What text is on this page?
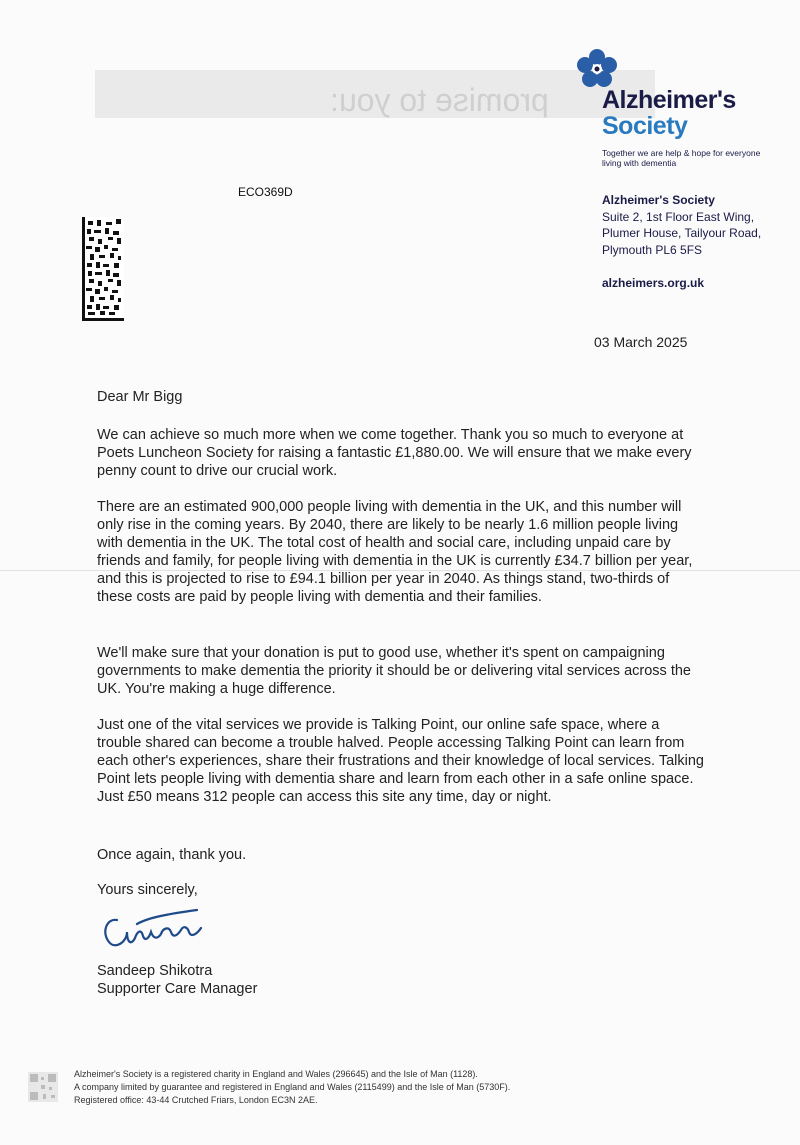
promise to you: Alzheimer's
Society
Together we are help & hope for everyone living with dementia
ECO369D
Alzheimer's Society
Suite 2, 1st Floor East Wing,
Plumer House, Tailyour Road,
Plymouth PL6 5FS
alzheimers.org.uk
03 March 2025
Dear Mr Bigg
We can achieve so much more when we come together. Thank you so much to everyone at Poets Luncheon Society for raising a fantastic £1,880.00. We will ensure that we make every penny count to drive our crucial work.
There are an estimated 900,000 people living with dementia in the UK, and this number will only rise in the coming years. By 2040, there are likely to be nearly 1.6 million people living with dementia in the UK. The total cost of health and social care, including unpaid care by friends and family, for people living with dementia in the UK is currently £34.7 billion per year, and this is projected to rise to £94.1 billion per year in 2040. As things stand, two-thirds of these costs are paid by people living with dementia and their families.
We'll make sure that your donation is put to good use, whether it's spent on campaigning governments to make dementia the priority it should be or delivering vital services across the UK. You're making a huge difference.
Just one of the vital services we provide is Talking Point, our online safe space, where a trouble shared can become a trouble halved. People accessing Talking Point can learn from each other's experiences, share their frustrations and their knowledge of local services. Talking Point lets people living with dementia share and learn from each other in a safe online space. Just £50 means 312 people can access this site any time, day or night.
Once again, thank you.
Yours sincerely,
Sandeep Shikotra
Supporter Care Manager
Alzheimer's Society is a registered charity in England and Wales (296645) and the Isle of Man (1128).
A company limited by guarantee and registered in England and Wales (2115499) and the Isle of Man (5730F).
Registered office: 43-44 Crutched Friars, London EC3N 2AE.
